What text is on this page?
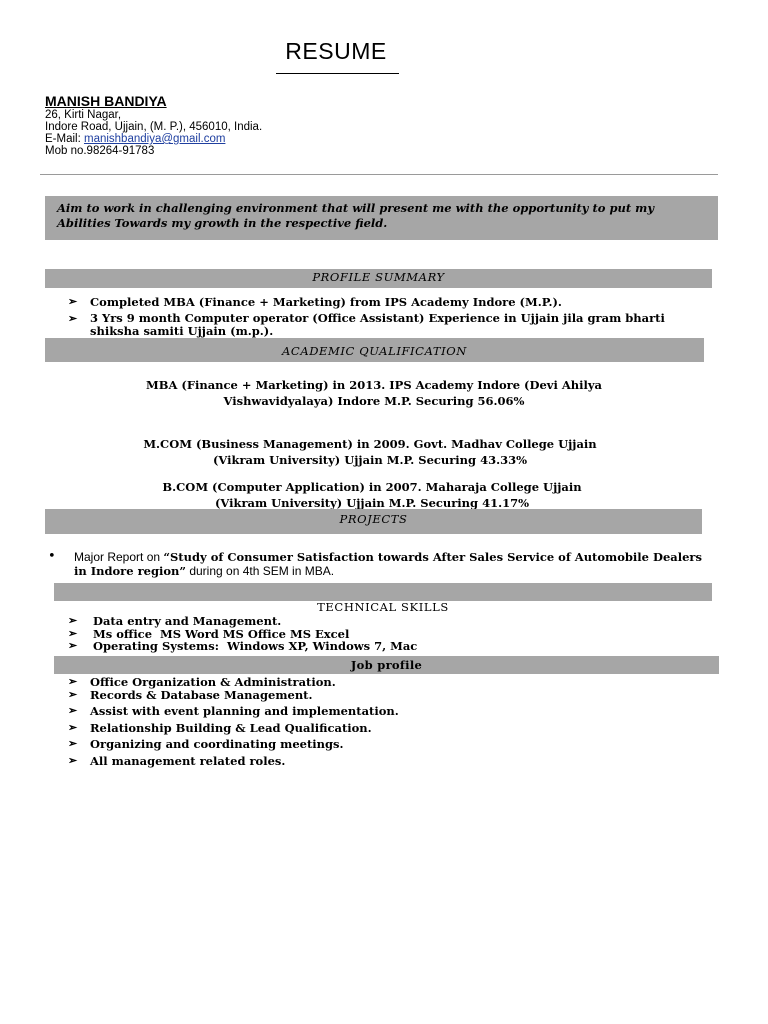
RESUME
MANISH BANDIYA
26, Kirti Nagar,
Indore Road, Ujjain, (M. P.), 456010, India.
E-Mail: manishbandiya@gmail.com
Mob no.98264-91783
Aim to work in challenging environment that will present me with the opportunity to put my Abilities Towards my growth in the respective field.
PROFILE SUMMARY
➢ Completed MBA (Finance + Marketing) from IPS Academy Indore (M.P.).
➢ 3 Yrs 9 month Computer operator (Office Assistant) Experience in Ujjain jila gram bharti shiksha samiti Ujjain (m.p.).
ACADEMIC QUALIFICATION
MBA (Finance + Marketing) in 2013. IPS Academy Indore (Devi Ahilya
Vishwavidyalaya) Indore M.P. Securing 56.06%
M.COM (Business Management) in 2009. Govt. Madhav College Ujjain
(Vikram University) Ujjain M.P. Securing 43.33%
B.COM (Computer Application) in 2007. Maharaja College Ujjain
(Vikram University) Ujjain M.P. Securing 41.17%
PROJECTS
• Major Report on “Study of Consumer Satisfaction towards After Sales Service of Automobile Dealers in Indore region” during on 4th SEM in MBA.
TECHNICAL SKILLS
➢ Data entry and Management.
➢ Ms office  MS Word MS Office MS Excel
➢ Operating Systems:  Windows XP, Windows 7, Mac
Job profile
➢ Office Organization & Administration.
➢ Records & Database Management.
➢ Assist with event planning and implementation.
➢ Relationship Building & Lead Qualification.
➢ Organizing and coordinating meetings.
➢ All management related roles.
